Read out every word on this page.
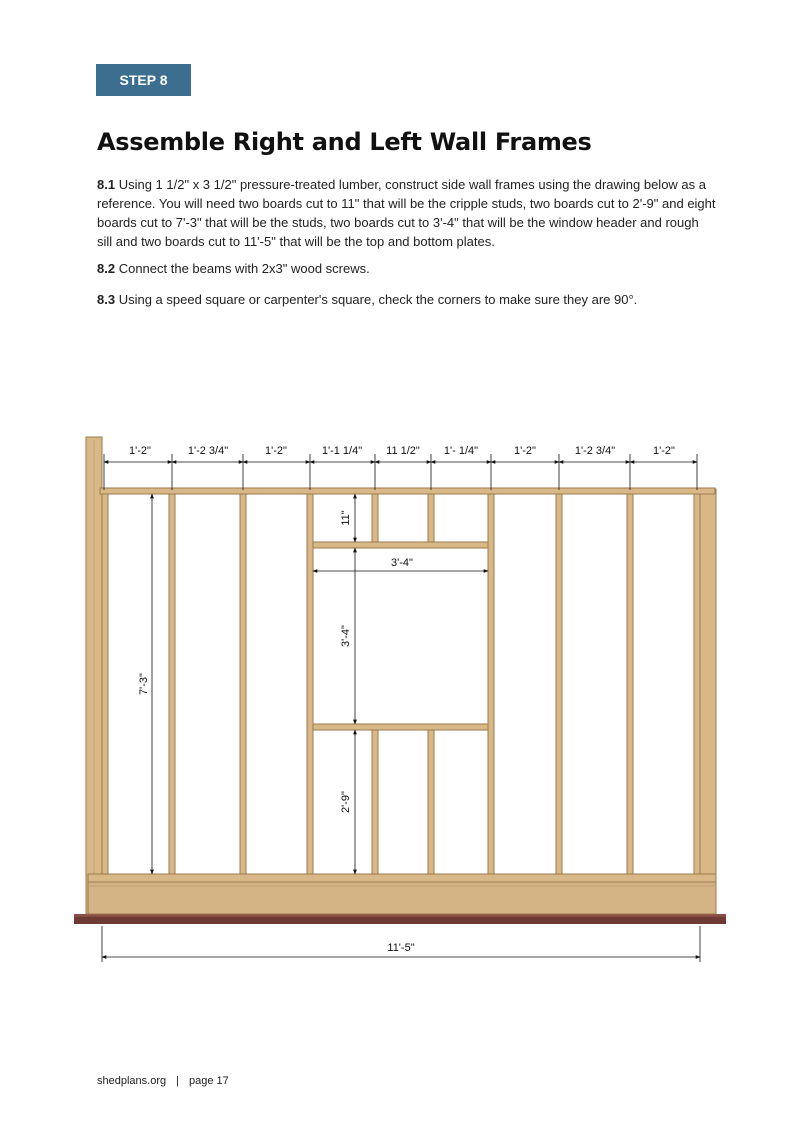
STEP 8
Assemble Right and Left Wall Frames

8.1 Using 1 1/2" x 3 1/2" pressure-treated lumber, construct side wall frames using the drawing below as a reference. You will need two boards cut to 11" that will be the cripple studs, two boards cut to 2'-9" and eight boards cut to 7'-3" that will be the studs, two boards cut to 3'-4" that will be the window header and rough sill and two boards cut to 11'-5" that will be the top and bottom plates.

8.2 Connect the beams with 2x3" wood screws.

8.3 Using a speed square or carpenter's square, check the corners to make sure they are 90°.

1'-2"	1'-2 3/4"	1'-2"	1'-1 1/4" 11 1/2" 1'- 1/4"	1'-2"	1'-2 3/4"	1'-2"
7'-3"
11"
3'-4"
2'-9"
3'-4"
11'-5"
shedplans.org | page 17
